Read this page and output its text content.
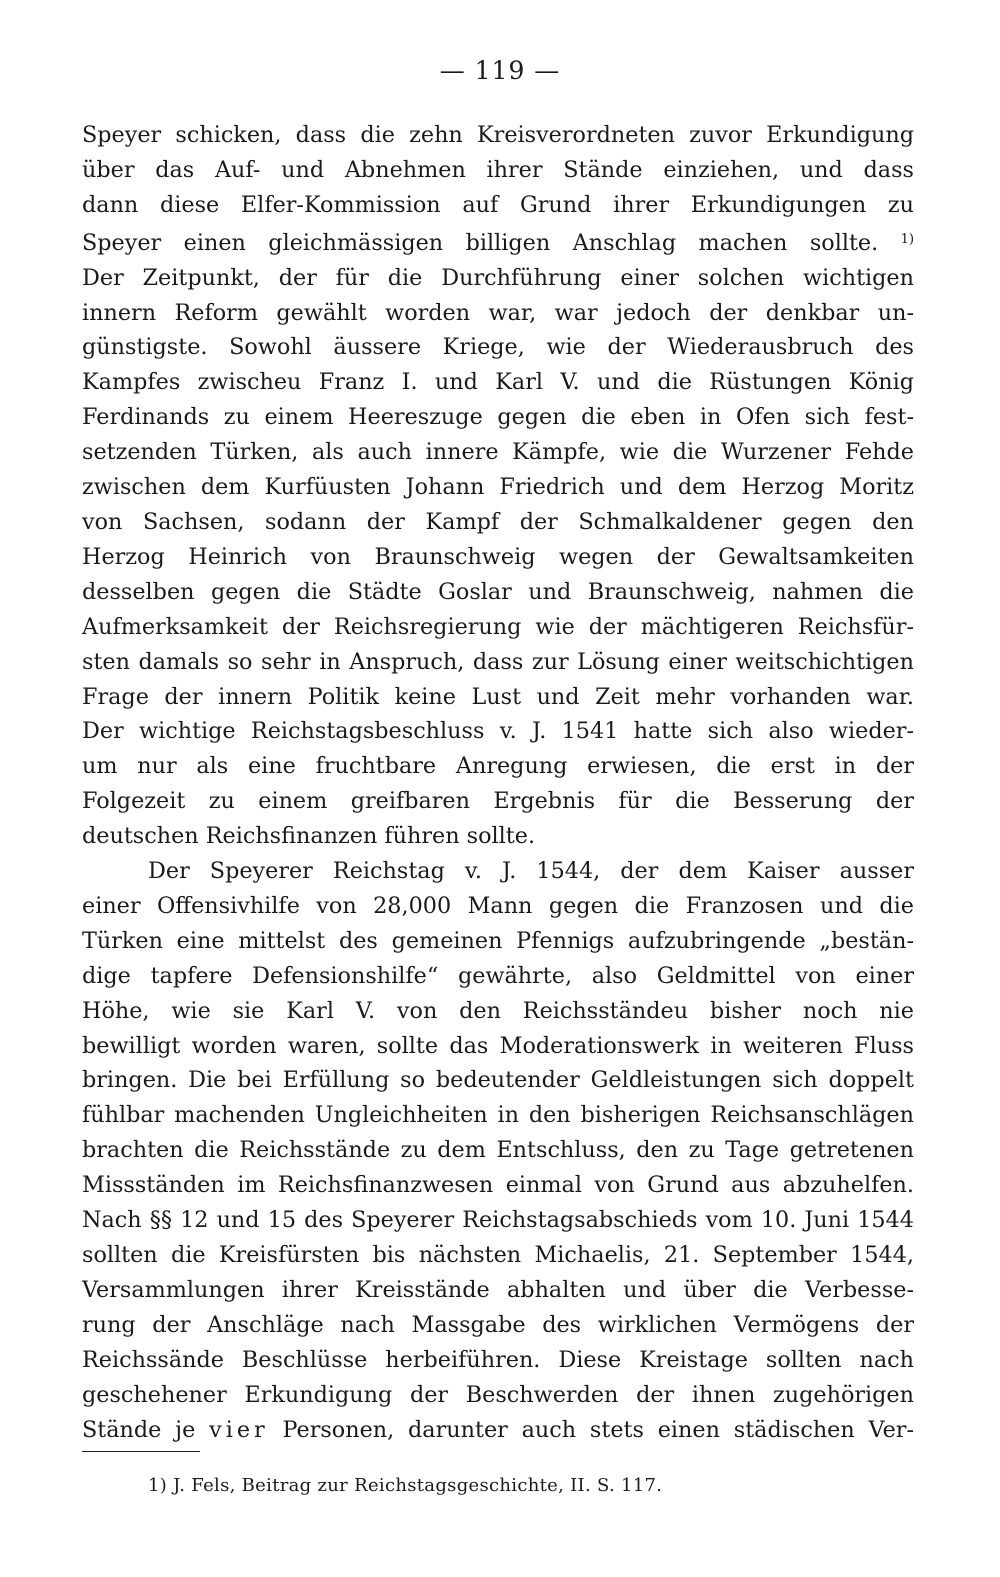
— 119 —

Speyer schicken, dass die zehn Kreisverordneten zuvor Erkundigung
über das Auf- und Abnehmen ihrer Stände einziehen, und dass
dann diese Elfer-Kommission auf Grund ihrer Erkundigungen zu
Speyer einen gleichmässigen billigen Anschlag machen sollte. $^{1)}$
Der Zeitpunkt, der für die Durchführung einer solchen wichtigen
innern Reform gewählt worden war, war jedoch der denkbar un-
günstigste. Sowohl äussere Kriege, wie der Wiederausbruch des
Kampfes zwischeu Franz I. und Karl V. und die Rüstungen König
Ferdinands zu einem Heereszuge gegen die eben in Ofen sich fest-
setzenden Türken, als auch innere Kämpfe, wie die Wurzener Fehde
zwischen dem Kurfüusten Johann Friedrich und dem Herzog Moritz
von Sachsen, sodann der Kampf der Schmalkaldener gegen den
Herzog Heinrich von Braunschweig wegen der Gewaltsamkeiten
desselben gegen die Städte Goslar und Braunschweig, nahmen die
Aufmerksamkeit der Reichsregierung wie der mächtigeren Reichsfür-
sten damals so sehr in Anspruch, dass zur Lösung einer weitschichtigen
Frage der innern Politik keine Lust und Zeit mehr vorhanden war.
Der wichtige Reichstagsbeschluss v. J. 1541 hatte sich also wieder-
um nur als eine fruchtbare Anregung erwiesen, die erst in der
Folgezeit zu einem greifbaren Ergebnis für die Besserung der
deutschen Reichsfinanzen führen sollte.

Der Speyerer Reichstag v. J. 1544, der dem Kaiser ausser
einer Offensivhilfe von 28,000 Mann gegen die Franzosen und die
Türken eine mittelst des gemeinen Pfennigs aufzubringende „bestän-
dige tapfere Defensionshilfe“ gewährte, also Geldmittel von einer
Höhe, wie sie Karl V. von den Reichsständeu bisher noch nie
bewilligt worden waren, sollte das Moderationswerk in weiteren Fluss
bringen. Die bei Erfüllung so bedeutender Geldleistungen sich doppelt
fühlbar machenden Ungleichheiten in den bisherigen Reichsanschlägen
brachten die Reichsstände zu dem Entschluss, den zu Tage getretenen
Missständen im Reichsfinanzwesen einmal von Grund aus abzuhelfen.
Nach §§ 12 und 15 des Speyerer Reichstagsabschieds vom 10. Juni 1544
sollten die Kreisfürsten bis nächsten Michaelis, 21. September 1544,
Versammlungen ihrer Kreisstände abhalten und über die Verbesse-
rung der Anschläge nach Massgabe des wirklichen Vermögens der
Reichssände Beschlüsse herbeiführen. Diese Kreistage sollten nach
geschehener Erkundigung der Beschwerden der ihnen zugehörigen
Stände je vier Personen, darunter auch stets einen städischen Ver-

1) J. Fels, Beitrag zur Reichstagsgeschichte, II. S. 117.
